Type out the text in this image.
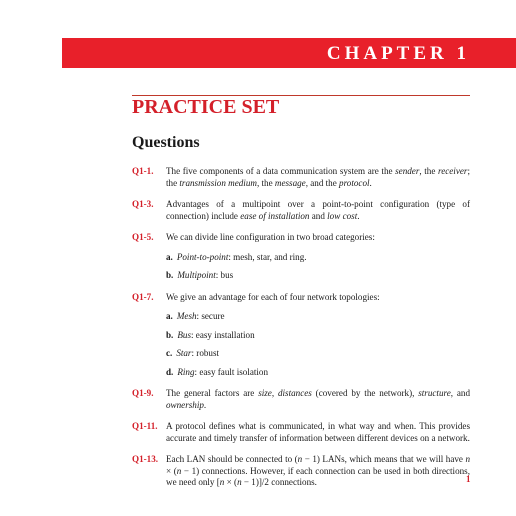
CHAPTER 1
PRACTICE SET
Questions
Q1-1. The five components of a data communication system are the sender, the receiver; the transmission medium, the message, and the protocol.
Q1-3. Advantages of a multipoint over a point-to-point configuration (type of connection) include ease of installation and low cost.
Q1-5. We can divide line configuration in two broad categories:
a. Point-to-point: mesh, star, and ring.
b. Multipoint: bus
Q1-7. We give an advantage for each of four network topologies:
a. Mesh: secure
b. Bus: easy installation
c. Star: robust
d. Ring: easy fault isolation
Q1-9. The general factors are size, distances (covered by the network), structure, and ownership.
Q1-11. A protocol defines what is communicated, in what way and when. This provides accurate and timely transfer of information between different devices on a network.
Q1-13. Each LAN should be connected to (n − 1) LANs, which means that we will have n × (n − 1) connections. However, if each connection can be used in both directions, we need only [n × (n − 1)]/2 connections.	1
